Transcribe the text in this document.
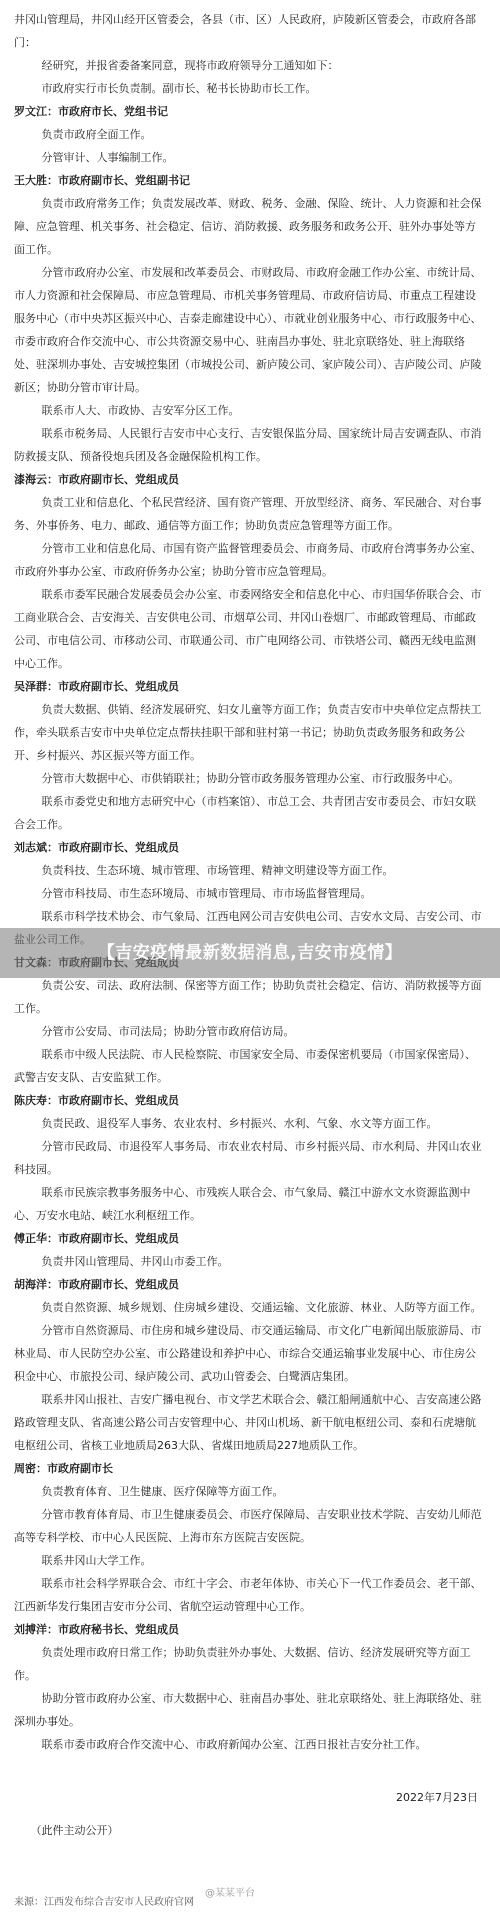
井冈山管理局，井冈山经开区管委会，各县（市、区）人民政府，庐陵新区管委会，市政府各部门：

经研究，并报省委备案同意，现将市政府领导分工通知如下：

市政府实行市长负责制。副市长、秘书长协助市长工作。

罗文江：市政府市长、党组书记

负责市政府全面工作。

分管审计、人事编制工作。

王大胜：市政府副市长、党组副书记

负责市政府常务工作；负责发展改革、财政、税务、金融、保险、统计、人力资源和社会保障、应急管理、机关事务、社会稳定、信访、消防救援、政务服务和政务公开、驻外办事处等方面工作。

分管市政府办公室、市发展和改革委员会、市财政局、市政府金融工作办公室、市统计局、市人力资源和社会保障局、市应急管理局、市机关事务管理局、市政府信访局、市重点工程建设服务中心（市中央苏区振兴中心、吉泰走廊建设中心）、市就业创业服务中心、市行政服务中心、市委市政府合作交流中心、市公共资源交易中心、驻南昌办事处、驻北京联络处、驻上海联络处、驻深圳办事处、吉安城控集团（市城投公司、新庐陵公司、家庐陵公司）、吉庐陵公司、庐陵新区；协助分管市审计局。

联系市人大、市政协、吉安军分区工作。

联系市税务局、人民银行吉安市中心支行、吉安银保监分局、国家统计局吉安调查队、市消防救援支队、预备役炮兵团及各金融保险机构工作。

漆海云：市政府副市长、党组成员

负责工业和信息化、个私民营经济、国有资产管理、开放型经济、商务、军民融合、对台事务、外事侨务、电力、邮政、通信等方面工作；协助负责应急管理等方面工作。

分管市工业和信息化局、市国有资产监督管理委员会、市商务局、市政府台湾事务办公室、市政府外事办公室、市政府侨务办公室；协助分管市应急管理局。

联系市委军民融合发展委员会办公室、市委网络安全和信息化中心、市归国华侨联合会、市工商业联合会、吉安海关、吉安供电公司、市烟草公司、井冈山卷烟厂、市邮政管理局、市邮政公司、市电信公司、市移动公司、市联通公司、市广电网络公司、市铁塔公司、赣西无线电监测中心工作。

吴泽群：市政府副市长、党组成员

负责大数据、供销、经济发展研究、妇女儿童等方面工作；负责吉安市中央单位定点帮扶工作，牵头联系吉安市中央单位定点帮扶挂职干部和驻村第一书记；协助负责政务服务和政务公开、乡村振兴、苏区振兴等方面工作。

分管市大数据中心、市供销联社；协助分管市政务服务管理办公室、市行政服务中心。

联系市委党史和地方志研究中心（市档案馆）、市总工会、共青团吉安市委员会、市妇女联合会工作。

刘志斌：市政府副市长、党组成员

负责科技、生态环境、城市管理、市场管理、精神文明建设等方面工作。

分管市科技局、市生态环境局、市城市管理局、市市场监督管理局。

联系市科学技术协会、市气象局、江西电网公司吉安供电公司、吉安水文局、吉安公司、市

负责公安、司法、政府法制、保密等方面工作；协助负责社会稳定、信访、消防救援等方面工作。

分管市公安局、市司法局；协助分管市政府信访局。

联系市中级人民法院、市人民检察院、市国家安全局、市委保密机要局（市国家保密局）、武警吉安支队、吉安监狱工作。

陈庆寿：市政府副市长、党组成员

负责民政、退役军人事务、农业农村、乡村振兴、水利、气象、水文等方面工作。

分管市民政局、市退役军人事务局、市农业农村局、市乡村振兴局、市水利局、井冈山农业科技园。

联系市民族宗教事务服务中心、市残疾人联合会、市气象局、赣江中游水文水资源监测中心、万安水电站、峡江水利枢纽工作。

傅正华：市政府副市长、党组成员

负责井冈山管理局、井冈山市委工作。

胡海洋：市政府副市长、党组成员

负责自然资源、城乡规划、住房城乡建设、交通运输、文化旅游、林业、人防等方面工作。

分管市自然资源局、市住房和城乡建设局、市交通运输局、市文化广电新闻出版旅游局、市林业局、市人民防空办公室、市公路建设和养护中心、市综合交通运输事业发展中心、市住房公积金中心、市旅投公司、绿庐陵公司、武功山管委会、白鹭酒店集团。

联系井冈山报社、吉安广播电视台、市文学艺术联合会、赣江船闸通航中心、吉安高速公路路政管理支队、省高速公路公司吉安管理中心、井冈山机场、新干航电枢纽公司、泰和石虎塘航电枢纽公司、省核工业地质局263大队、省煤田地质局227地质队工作。

周密：市政府副市长

负责教育体育、卫生健康、医疗保障等方面工作。

分管市教育体育局、市卫生健康委员会、市医疗保障局、吉安职业技术学院、吉安幼儿师范高等专科学校、市中心人民医院、上海市东方医院吉安医院。

联系井冈山大学工作。

联系市社会科学界联合会、市红十字会、市老年体协、市关心下一代工作委员会、老干部、江西新华发行集团吉安市分公司、省航空运动管理中心工作。

刘搏洋：市政府秘书长、党组成员

负责处理市政府日常工作；协助负责驻外办事处、大数据、信访、经济发展研究等方面工作。

协助分管市政府办公室、市大数据中心、驻南昌办事处、驻北京联络处、驻上海联络处、驻深圳办事处。

联系市委市政府合作交流中心、市政府新闻办公室、江西日报社吉安分社工作。

2022年7月23日

（此件主动公开）

@某某平台
来源：江西发布综合吉安市人民政府官网
【吉安疫情最新数据消息,吉安市疫情】
